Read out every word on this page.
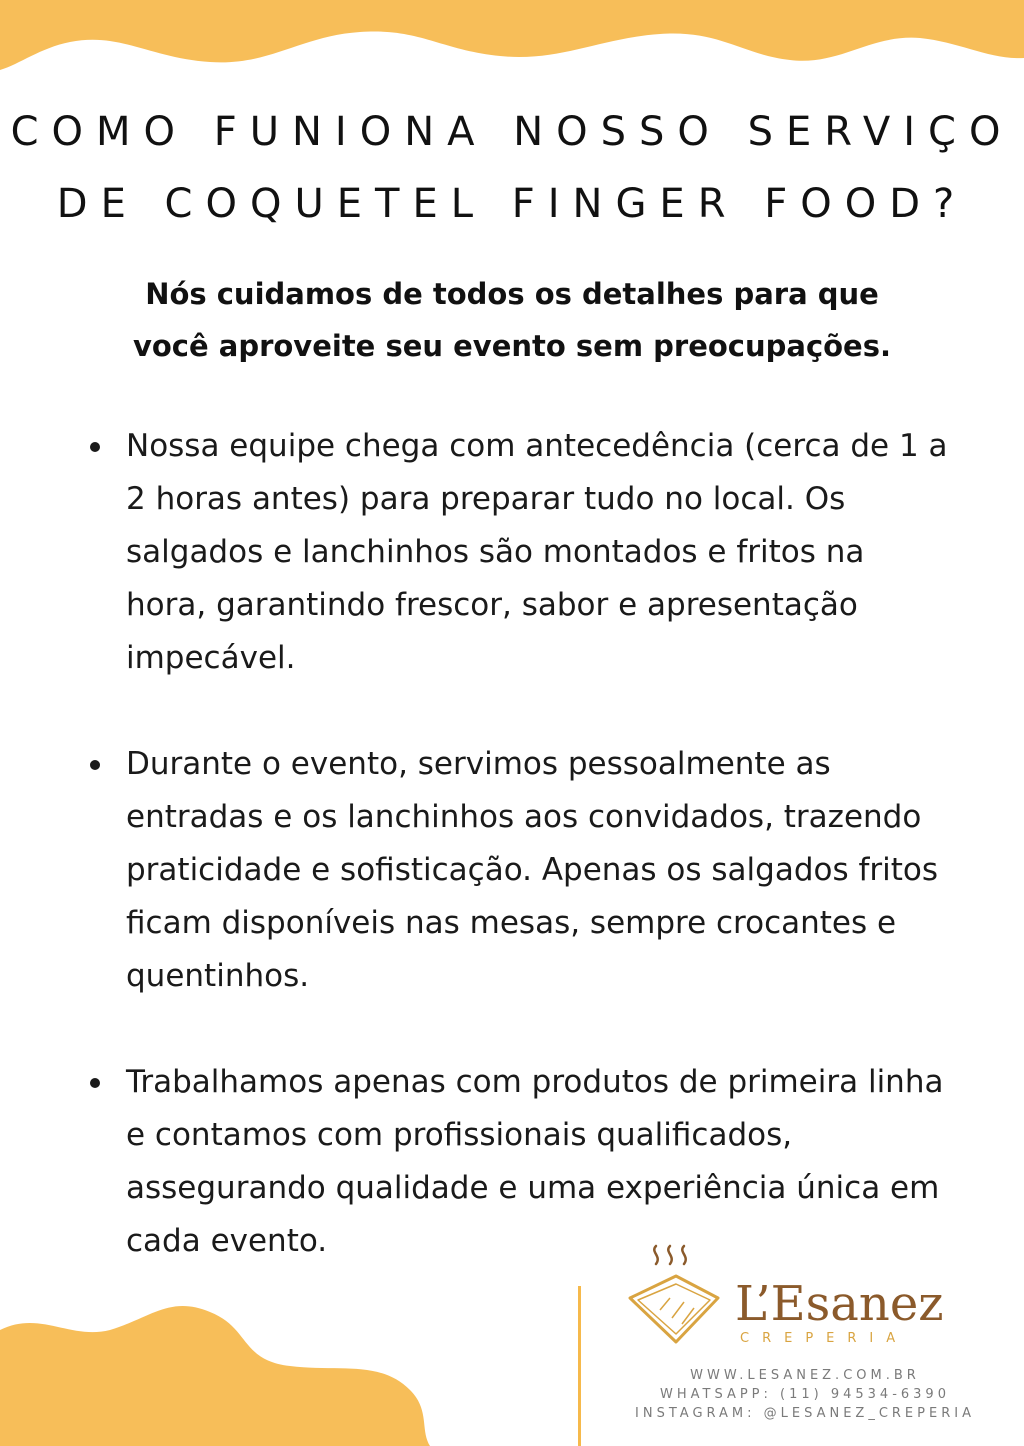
COMO FUNIONA NOSSO SERVIÇO
DE COQUETEL FINGER FOOD?
Nós cuidamos de todos os detalhes para que
você aproveite seu evento sem preocupações.
Nossa equipe chega com antecedência (cerca de 1 a 2 horas antes) para preparar tudo no local. Os salgados e lanchinhos são montados e fritos na hora, garantindo frescor, sabor e apresentação impecável.
Durante o evento, servimos pessoalmente as entradas e os lanchinhos aos convidados, trazendo praticidade e sofisticação. Apenas os salgados fritos ficam disponíveis nas mesas, sempre crocantes e quentinhos.
Trabalhamos apenas com produtos de primeira linha e contamos com profissionais qualificados, assegurando qualidade e uma experiência única em cada evento.
L’Esanez
CREPERIA
WWW.LESANEZ.COM.BR
WHATSAPP: (11) 94534-6390
INSTAGRAM: @LESANEZ_CREPERIA
